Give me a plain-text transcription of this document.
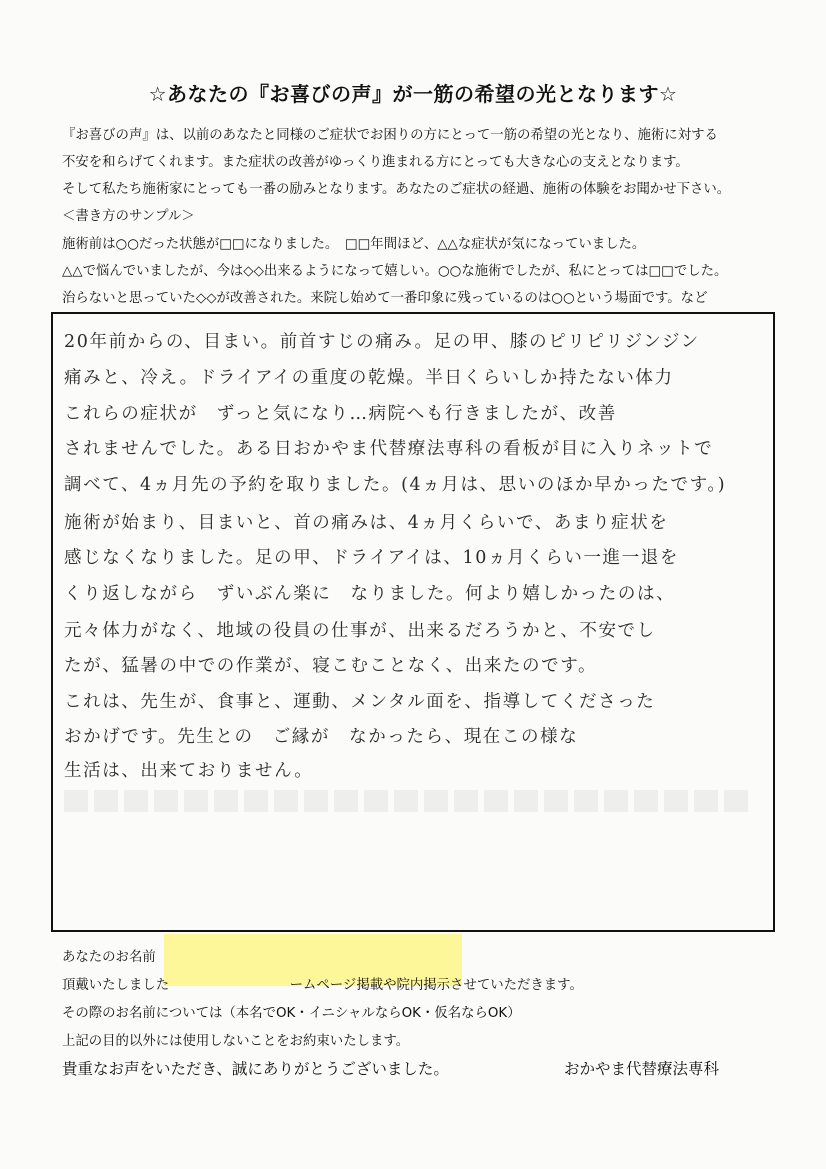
☆あなたの『お喜びの声』が一筋の希望の光となります☆
『お喜びの声』は、以前のあなたと同様のご症状でお困りの方にとって一筋の希望の光となり、施術に対する
不安を和らげてくれます。また症状の改善がゆっくり進まれる方にとっても大きな心の支えとなります。
そして私たち施術家にとっても一番の励みとなります。あなたのご症状の経過、施術の体験をお聞かせ下さい。
＜書き方のサンプル＞
施術前は○○だった状態が□□になりました。　□□年間ほど、△△な症状が気になっていました。
△△で悩んでいましたが、今は◇◇出来るようになって嬉しい。○○な施術でしたが、私にとっては□□でした。
治らないと思っていた◇◇が改善された。来院し始めて一番印象に残っているのは○○という場面です。など
20年前からの、目まい。前首すじの痛み。足の甲、膝のピリピリジンジン
痛みと、冷え。ドライアイの重度の乾燥。半日くらいしか持たない体力
これらの症状が　ずっと気になり…病院へも行きましたが、改善
されませんでした。ある日おかやま代替療法専科の看板が目に入りネットで
調べて、4ヵ月先の予約を取りました。(4ヵ月は、思いのほか早かったです。)
施術が始まり、目まいと、首の痛みは、4ヵ月くらいで、あまり症状を
感じなくなりました。足の甲、ドライアイは、10ヵ月くらい一進一退を
くり返しながら　ずいぶん楽に　なりました。何より嬉しかったのは、
元々体力がなく、地域の役員の仕事が、出来るだろうかと、不安でし
たが、猛暑の中での作業が、寝こむことなく、出来たのです。
これは、先生が、食事と、運動、メンタル面を、指導してくださった
おかげです。先生との　ご縁が　なかったら、現在この様な
生活は、出来ておりません。
あなたのお名前
頂戴いたしました　　　　　　　　　ームページ掲載や院内掲示させていただきます。
その際のお名前については（本名でOK・イニシャルならOK・仮名ならOK）
上記の目的以外には使用しないことをお約束いたします。
貴重なお声をいただき、誠にありがとうございました。	おかやま代替療法専科
